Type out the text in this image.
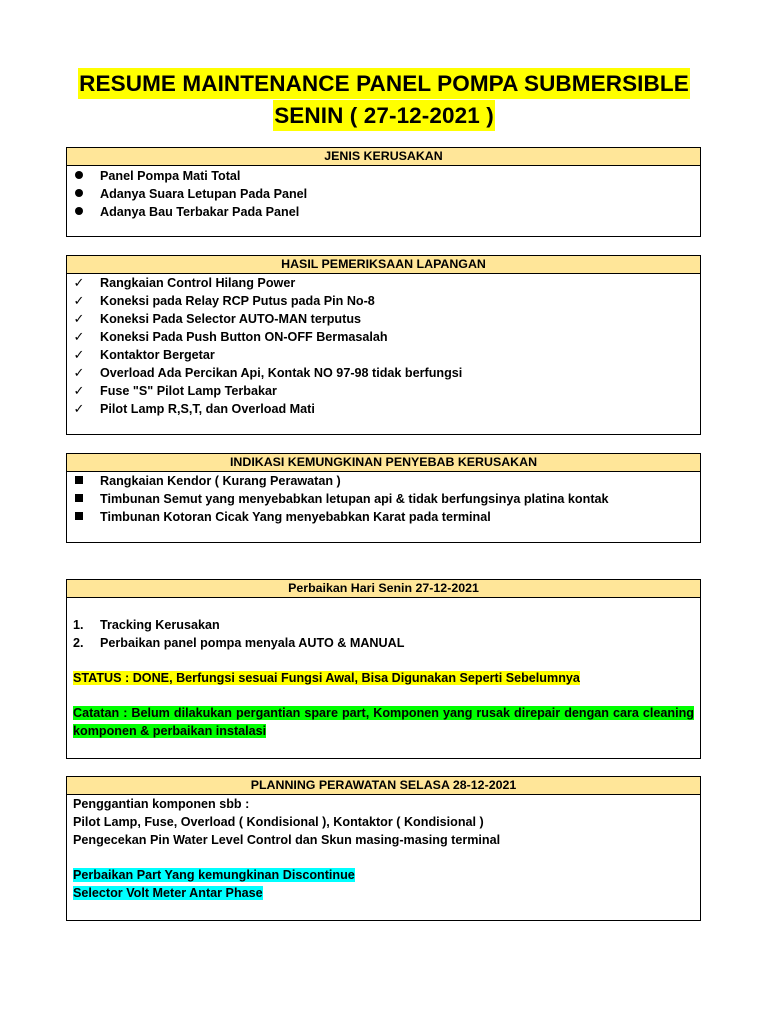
RESUME MAINTENANCE PANEL POMPA SUBMERSIBLE
SENIN ( 27-12-2021 )
JENIS KERUSAKAN
Panel Pompa Mati Total
Adanya Suara Letupan Pada Panel
Adanya Bau Terbakar Pada Panel
HASIL PEMERIKSAAN LAPANGAN
✓ Rangkaian Control Hilang Power
✓ Koneksi pada Relay RCP Putus pada Pin No-8
✓ Koneksi Pada Selector AUTO-MAN terputus
✓ Koneksi Pada Push Button ON-OFF Bermasalah
✓ Kontaktor Bergetar
✓ Overload Ada Percikan Api, Kontak NO 97-98 tidak berfungsi
✓ Fuse "S" Pilot Lamp Terbakar
✓ Pilot Lamp R,S,T, dan Overload Mati
INDIKASI KEMUNGKINAN PENYEBAB KERUSAKAN
Rangkaian Kendor ( Kurang Perawatan )
Timbunan Semut yang menyebabkan letupan api & tidak berfungsinya platina kontak
Timbunan Kotoran Cicak Yang menyebabkan Karat pada terminal
Perbaikan Hari Senin 27-12-2021
1. Tracking Kerusakan
2. Perbaikan panel pompa menyala AUTO & MANUAL
STATUS : DONE, Berfungsi sesuai Fungsi Awal, Bisa Digunakan Seperti Sebelumnya
Catatan : Belum dilakukan pergantian spare part, Komponen yang rusak direpair dengan cara cleaning komponen & perbaikan instalasi
PLANNING PERAWATAN SELASA 28-12-2021
Penggantian komponen sbb :
Pilot Lamp, Fuse, Overload ( Kondisional ), Kontaktor ( Kondisional )
Pengecekan Pin Water Level Control dan Skun masing-masing terminal
Perbaikan Part Yang kemungkinan Discontinue
Selector Volt Meter Antar Phase
